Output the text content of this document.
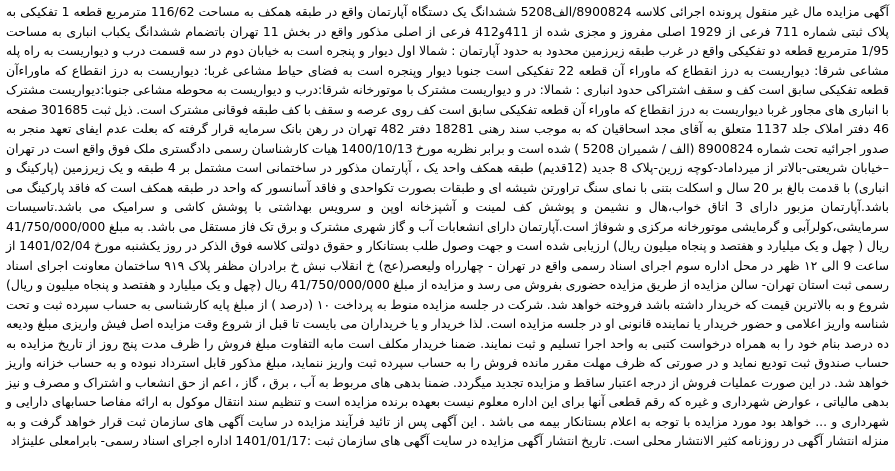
آگهی مزایده مال غیر منقول پرونده اجرائی کلاسه 8900824/الف5208 ششدانگ یک دستگاه آپارتمان واقع در طبقه همکف به مساحت 116/62 مترمربع قطعه 1 تفکیکی به پلاک ثبتی شماره 711 فرعی از 1929 اصلی مفروز و مجزی شده از 411و412 فرعی از اصلی مذکور واقع در بخش 11 تهران باتضمام ششدانگ یکباب انباری به مساحت 1/95 مترمربع قطعه دو تفکیکی واقع در غرب طبقه زیرزمین محدود به حدود آپارتمان : شمالا اول دیوار و پنجره است به خیابان دوم در سه قسمت درب و دیواریست به راه پله مشاعی شرقا: دیواریست به درز انقطاع که ماوراء آن قطعه 22 تفکیکی است جنوبا دیوار وپنجره است به فضای حیاط مشاعی غربا: دیواریست به درز انقطاع که ماوراءآن قطعه تفکیکی سابق است کف و سقف اشتراکی حدود انباری : شمالا: در و دیواریست مشترک با موتورخانه شرقا:درب و دیواریست به محوطه مشاعی جنوبا:دیواریست مشترک با انباری های مجاور غربا دیواریست به درز انقطاع که ماوراء آن قطعه تفکیکی سابق است کف روی عرصه و سقف با کف طبقه فوقانی مشترک است. ذیل ثبت 301685 صفحه 46 دفتر املاک جلد 1137 متعلق به آقای مجد اسحاقیان که به موجب سند رهنی 18281 دفتر 482 تهران در رهن بانک سرمایه قرار گرفته که بعلت عدم ایفای تعهد منجر به صدور اجرائیه تحت شماره 8900824 (الف / شمیران 5208 ) شده است و برابر نظریه مورخ 1400/10/13 هیات کارشناسان رسمی دادگستری ملک فوق واقع است در تهران –خیابان شریعتی-بالاتر از میرداماد-کوچه زرین-پلاک 8 جدید (12قدیم) طبقه همکف واحد یک ، آپارتمان مذکور در ساختمانی است مشتمل بر 4 طبقه و یک زیرزمین (پارکینگ و انباری) با قدمت بالغ بر 20 سال و اسکلت بتنی با نمای سنگ تراورتن شیشه ای و طبقات بصورت تکواحدی و فاقد آسانسور که واحد در طبقه همکف است که فاقد پارکینگ می باشد.آپارتمان مزبور دارای 3 اتاق خواب،هال و نشیمن و پوشش کف لمینت و آشپزخانه اوپن و سرویس بهداشتی با پوشش کاشی و سرامیک می باشد.تاسیسات سرمایشی،کولرآبی و گرمایشی موتورخانه مرکزی و شوفاژ است.آپارتمان دارای انشعابات آب و گاز شهری مشترک و برق تک فاز مستقل می باشد. به مبلغ 41/750/000/000 ریال ( چهل و یک میلیارد و هفتصد و پنجاه میلیون ریال) ارزیابی شده است و جهت وصول طلب بستانکار و حقوق دولتی کلاسه فوق الذکر در روز یکشنبه مورخ 1401/02/04 از ساعت 9 الی ۱۲ ظهر در محل اداره سوم اجرای اسناد رسمی واقع در تهران - چهارراه ولیعصر(عج) خ انقلاب نبش خ برادران مظفر پلاک ۹۱۹ ساختمان معاونت اجرای اسناد رسمی ثبت استان تهران- سالن مزایده از طریق مزایده حضوری بفروش می رسد و مزایده از مبلغ 41/750/000/000 ریال (چهل و یک میلیارد و هفتصد و پنجاه میلیون و ریال) شروع و به بالاترین قیمت که خریدار داشته باشد فروخته خواهد شد. شرکت در جلسه مزایده منوط به پرداخت ۱۰ (درصد ) از مبلغ پایه کارشناسی به حساب سپرده ثبت و تحت شناسه واریز اعلامی و حضور خریدار یا نماینده قانونی او در جلسه مزایده است. لذا خریدار و یا خریداران می بایست تا قبل از شروع وقت مزایده اصل فیش واریزی مبلغ ودیعه ده درصد بنام خود را به همراه درخواست کتبی به واحد اجرا تسلیم و ثبت نمایند. ضمنا خریدار مکلف است مابه التفاوت مبلغ فروش را ظرف مدت پنج روز از تاریخ مزایده به حساب صندوق ثبت تودیع نماید و در صورتی که ظرف مهلت مقرر مانده فروش را به حساب سپرده ثبت واریز ننماید، مبلغ مذکور قابل استرداد نبوده و به حساب خزانه واریز خواهد شد. در این صورت عملیات فروش از درجه اعتبار ساقط و مزایده تجدید میگردد. ضمنا بدهی های مربوط به آب ، برق ، گاز ، اعم از حق انشعاب و اشتراک و مصرف و نیز بدهی مالیاتی ، عوارض شهرداری و غیره که رقم قطعی آنها برای این اداره معلوم نیست بعهده برنده مزایده است و تنظیم سند انتقال موکول به ارائه مفاصا حسابهای دارایی و شهرداری و ... خواهد بود مورد مزایده با توجه به اعلام بستانکار بیمه می باشد . این آگهی پس از تائید فرآیند مزایده در سایت آگهی های سازمان ثبت قرار خواهد گرفت و به منزله انتشار آگهی در روزنامه کثیر الانتشار محلی است. تاریخ انتشار آگهی مزایده در سایت آگهی های سازمان ثبت :1401/01/17 اداره اجرای اسناد رسمی- بابرامعلی علینژاد
